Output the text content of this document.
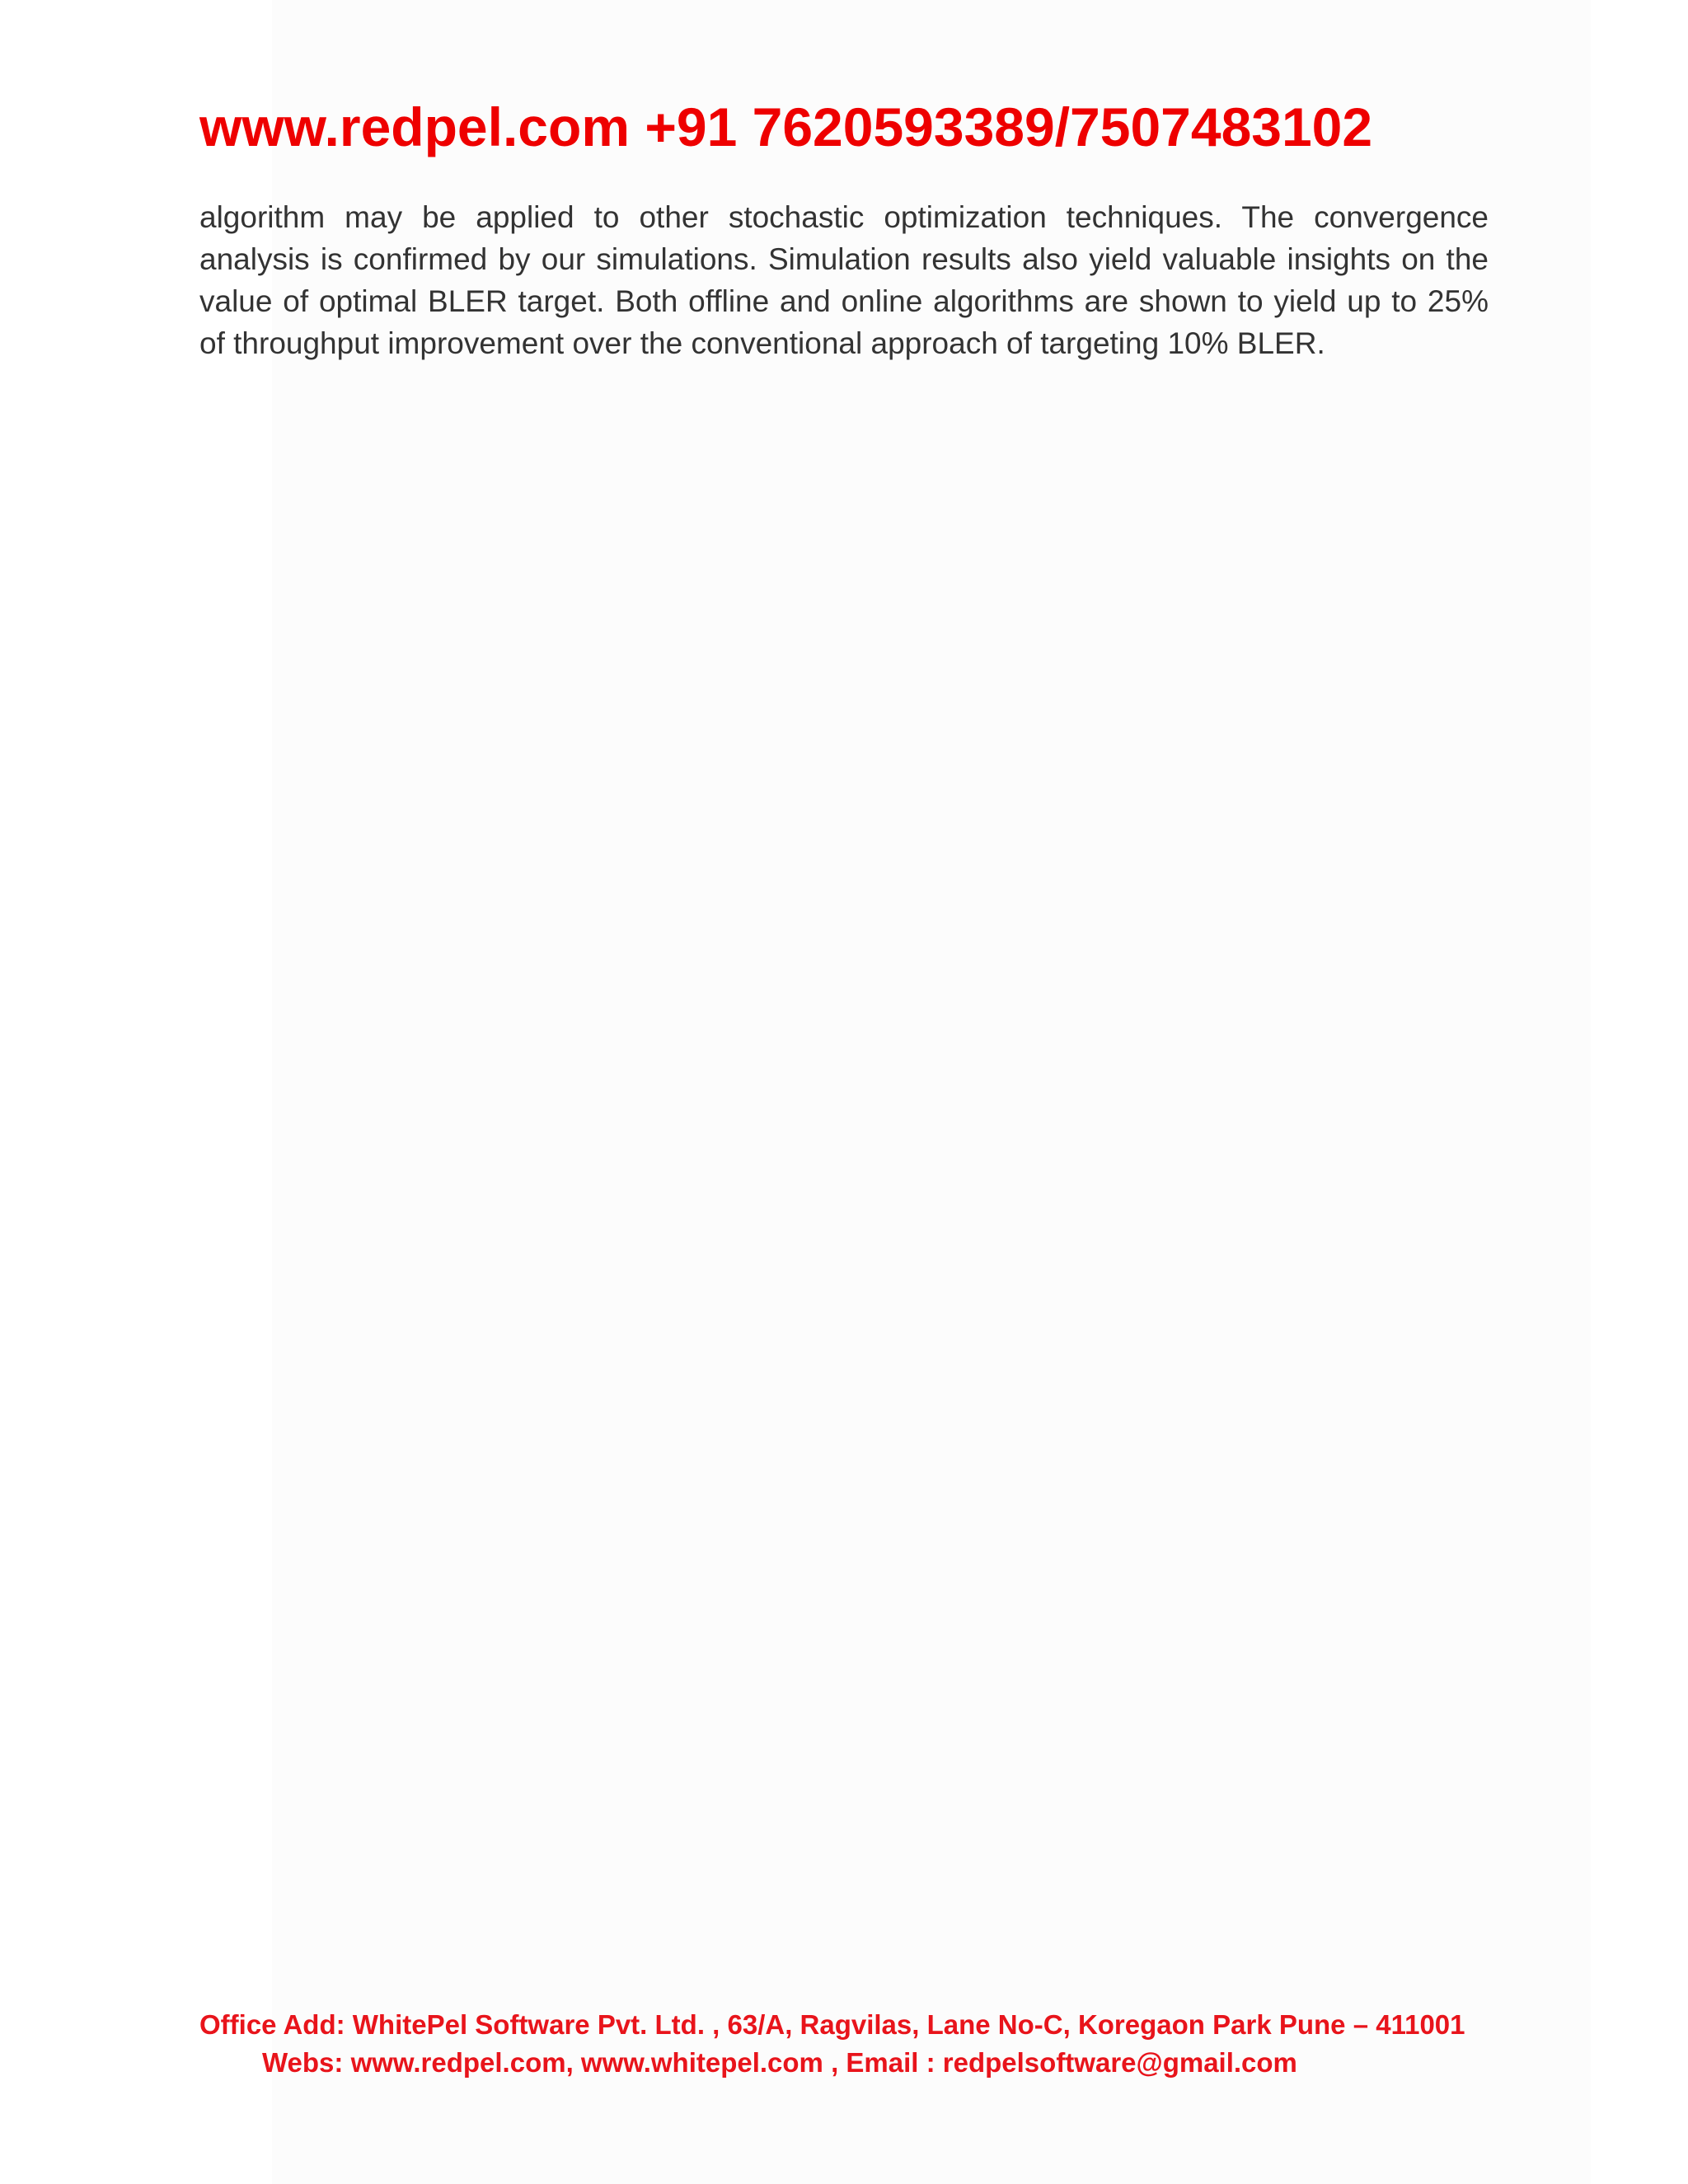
www.redpel.com +91 7620593389/7507483102

algorithm may be applied to other stochastic optimization techniques. The convergence analysis is confirmed by our simulations. Simulation results also yield valuable insights on the value of optimal BLER target. Both offline and online algorithms are shown to yield up to 25% of throughput improvement over the conventional approach of targeting 10% BLER.

Office Add: WhitePel Software Pvt. Ltd. , 63/A, Ragvilas, Lane No-C, Koregaon Park Pune – 411001

Webs: www.redpel.com, www.whitepel.com , Email : redpelsoftware@gmail.com
